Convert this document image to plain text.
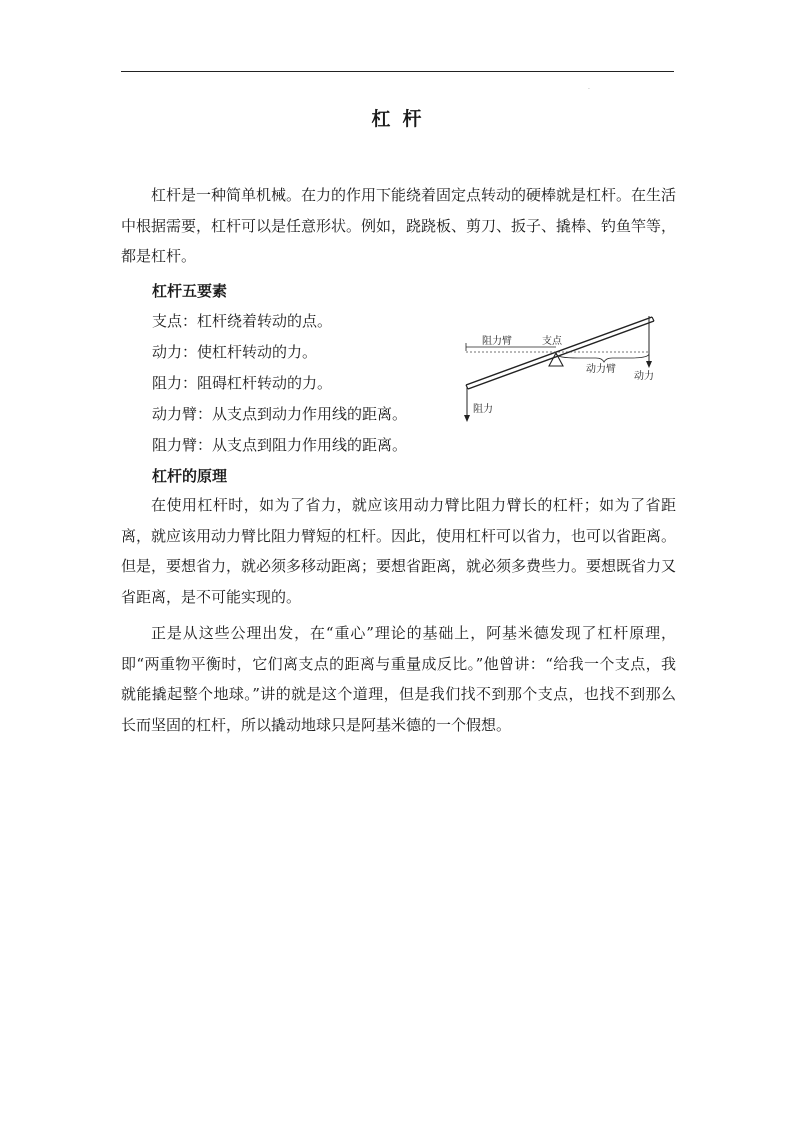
.
杠杆

杠杆是一种简单机械。在力的作用下能绕着固定点转动的硬棒就是杠杆。在生活中根据需要，杠杆可以是任意形状。例如，跷跷板、剪刀、扳子、撬棒、钓鱼竿等，都是杠杆。

杠杆五要素
支点：杠杆绕着转动的点。
动力：使杠杆转动的力。
阻力：阻碍杠杆转动的力。
动力臂：从支点到动力作用线的距离。
阻力臂：从支点到阻力作用线的距离。
阻力臂	支点
动力臂
动力
阻力
杠杆的原理

在使用杠杆时，如为了省力，就应该用动力臂比阻力臂长的杠杆；如为了省距离，就应该用动力臂比阻力臂短的杠杆。因此，使用杠杆可以省力，也可以省距离。但是，要想省力，就必须多移动距离；要想省距离，就必须多费些力。要想既省力又省距离，是不可能实现的。

正是从这些公理出发，在“重心”理论的基础上，阿基米德发现了杠杆原理，即“两重物平衡时，它们离支点的距离与重量成反比。”他曾讲：“给我一个支点，我就能撬起整个地球。”讲的就是这个道理，但是我们找不到那个支点，也找不到那么长而坚固的杠杆，所以撬动地球只是阿基米德的一个假想。
